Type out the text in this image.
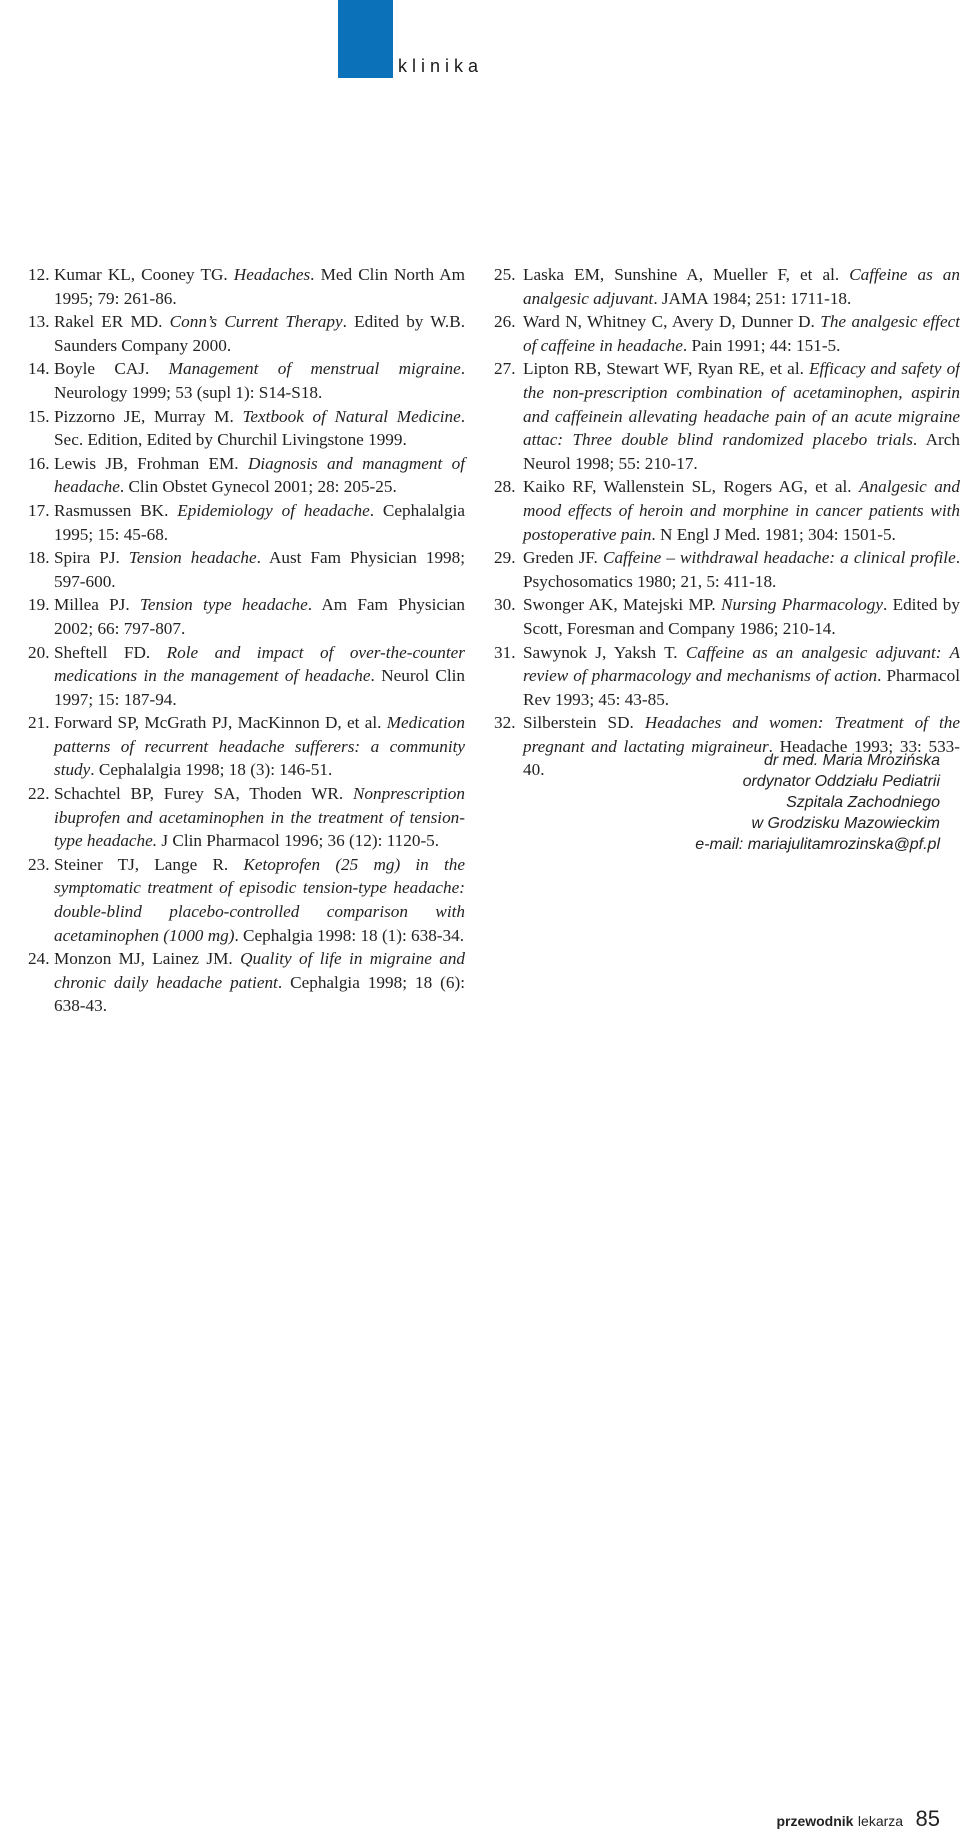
klinika
12. Kumar KL, Cooney TG. Headaches. Med Clin North Am 1995; 79: 261-86.
13. Rakel ER MD. Conn’s Current Therapy. Edited by W.B. Saunders Company 2000.
14. Boyle CAJ. Management of menstrual migraine. Neurology 1999; 53 (supl 1): S14-S18.
15. Pizzorno JE, Murray M. Textbook of Natural Medicine. Sec. Edition, Edited by Churchil Livingstone 1999.
16. Lewis JB, Frohman EM. Diagnosis and managment of headache. Clin Obstet Gynecol 2001; 28: 205-25.
17. Rasmussen BK. Epidemiology of headache. Cephalalgia 1995; 15: 45-68.
18. Spira PJ. Tension headache. Aust Fam Physician 1998; 597-600.
19. Millea PJ. Tension type headache. Am Fam Physician 2002; 66: 797-807.
20. Sheftell FD. Role and impact of over-the-counter medications in the management of headache. Neurol Clin 1997; 15: 187-94.
21. Forward SP, McGrath PJ, MacKinnon D, et al. Medication patterns of recurrent headache sufferers: a community study. Cephalalgia 1998; 18 (3): 146-51.
22. Schachtel BP, Furey SA, Thoden WR. Nonprescription ibuprofen and acetaminophen in the treatment of tension-type headache. J Clin Pharmacol 1996; 36 (12): 1120-5.
23. Steiner TJ, Lange R. Ketoprofen (25 mg) in the symptomatic treatment of episodic tension-type headache: double-blind placebo-controlled comparison with acetaminophen (1000 mg). Cephalgia 1998: 18 (1): 638-34.
24. Monzon MJ, Lainez JM. Quality of life in migraine and chronic daily headache patient. Cephalgia 1998; 18 (6): 638-43.
25. Laska EM, Sunshine A, Mueller F, et al. Caffeine as an analgesic adjuvant. JAMA 1984; 251: 1711-18.
26. Ward N, Whitney C, Avery D, Dunner D. The analgesic effect of caffeine in headache. Pain 1991; 44: 151-5.
27. Lipton RB, Stewart WF, Ryan RE, et al. Efficacy and safety of the non-prescription combination of acetaminophen, aspirin and caffeinein allevating headache pain of an acute migraine attac: Three double blind randomized placebo trials. Arch Neurol 1998; 55: 210-17.
28. Kaiko RF, Wallenstein SL, Rogers AG, et al. Analgesic and mood effects of heroin and morphine in cancer patients with postoperative pain. N Engl J Med. 1981; 304: 1501-5.
29. Greden JF. Caffeine – withdrawal headache: a clinical profile. Psychosomatics 1980; 21, 5: 411-18.
30. Swonger AK, Matejski MP. Nursing Pharmacology. Edited by Scott, Foresman and Company 1986; 210-14.
31. Sawynok J, Yaksh T. Caffeine as an analgesic adjuvant: A review of pharmacology and mechanisms of action. Pharmacol Rev 1993; 45: 43-85.
32. Silberstein SD. Headaches and women: Treatment of the pregnant and lactating migraineur. Headache 1993; 33: 533-40.	dr med. Maria Mrozińska
ordynator Oddziału Pediatrii
Szpitala Zachodniego
w Grodzisku Mazowieckim
e-mail: mariajulitamrozinska@pf.pl
przewodnik lekarza 85
